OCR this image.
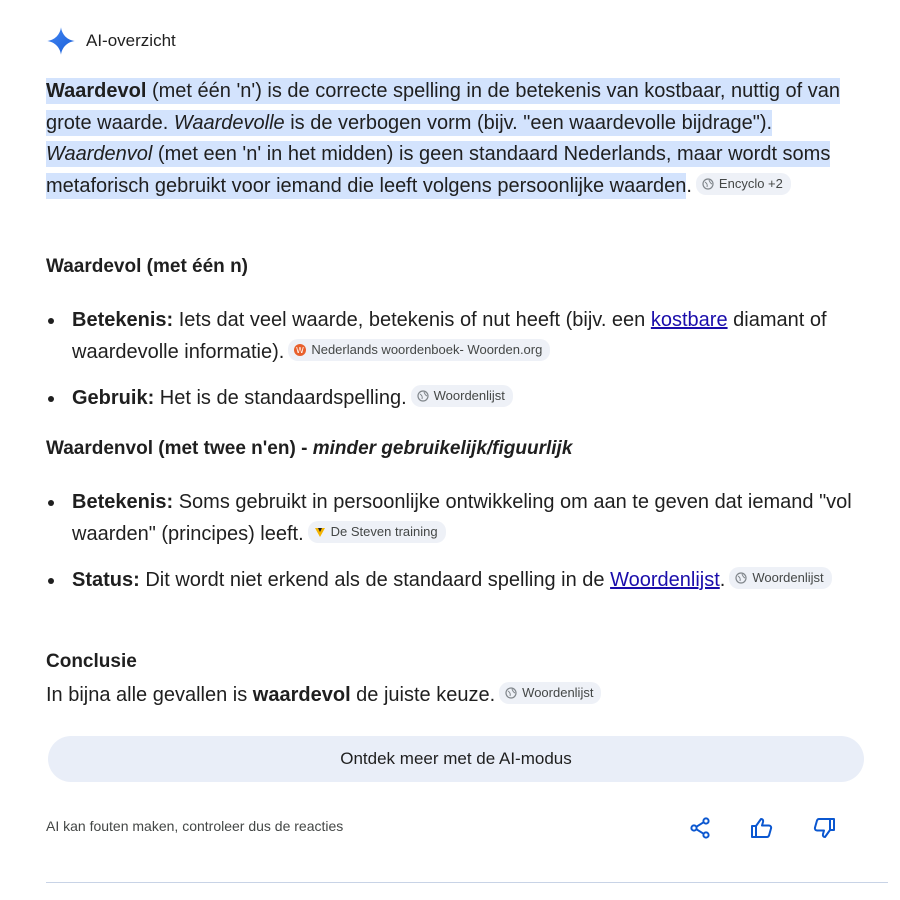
AI-overzicht
Waardevol (met één 'n') is de correcte spelling in de betekenis van kostbaar, nuttig of van grote waarde. Waardevolle is de verbogen vorm (bijv. "een waardevolle bijdrage"). Waardenvol (met een 'n' in het midden) is geen standaard Nederlands, maar wordt soms metaforisch gebruikt voor iemand die leeft volgens persoonlijke waarden. Encyclo +2
Waardevol (met één n)
Betekenis: Iets dat veel waarde, betekenis of nut heeft (bijv. een kostbare diamant of waardevolle informatie). W Nederlands woordenboek- Woorden.org
Gebruik: Het is de standaardspelling. Woordenlijst
Waardenvol (met twee n'en) - minder gebruikelijk/figuurlijk
Betekenis: Soms gebruikt in persoonlijke ontwikkeling om aan te geven dat iemand "vol waarden" (principes) leeft. De Steven training
Status: Dit wordt niet erkend als de standaard spelling in de Woordenlijst. Woordenlijst
Conclusie
In bijna alle gevallen is waardevol de juiste keuze. Woordenlijst
Ontdek meer met de AI-modus
AI kan fouten maken, controleer dus de reacties
